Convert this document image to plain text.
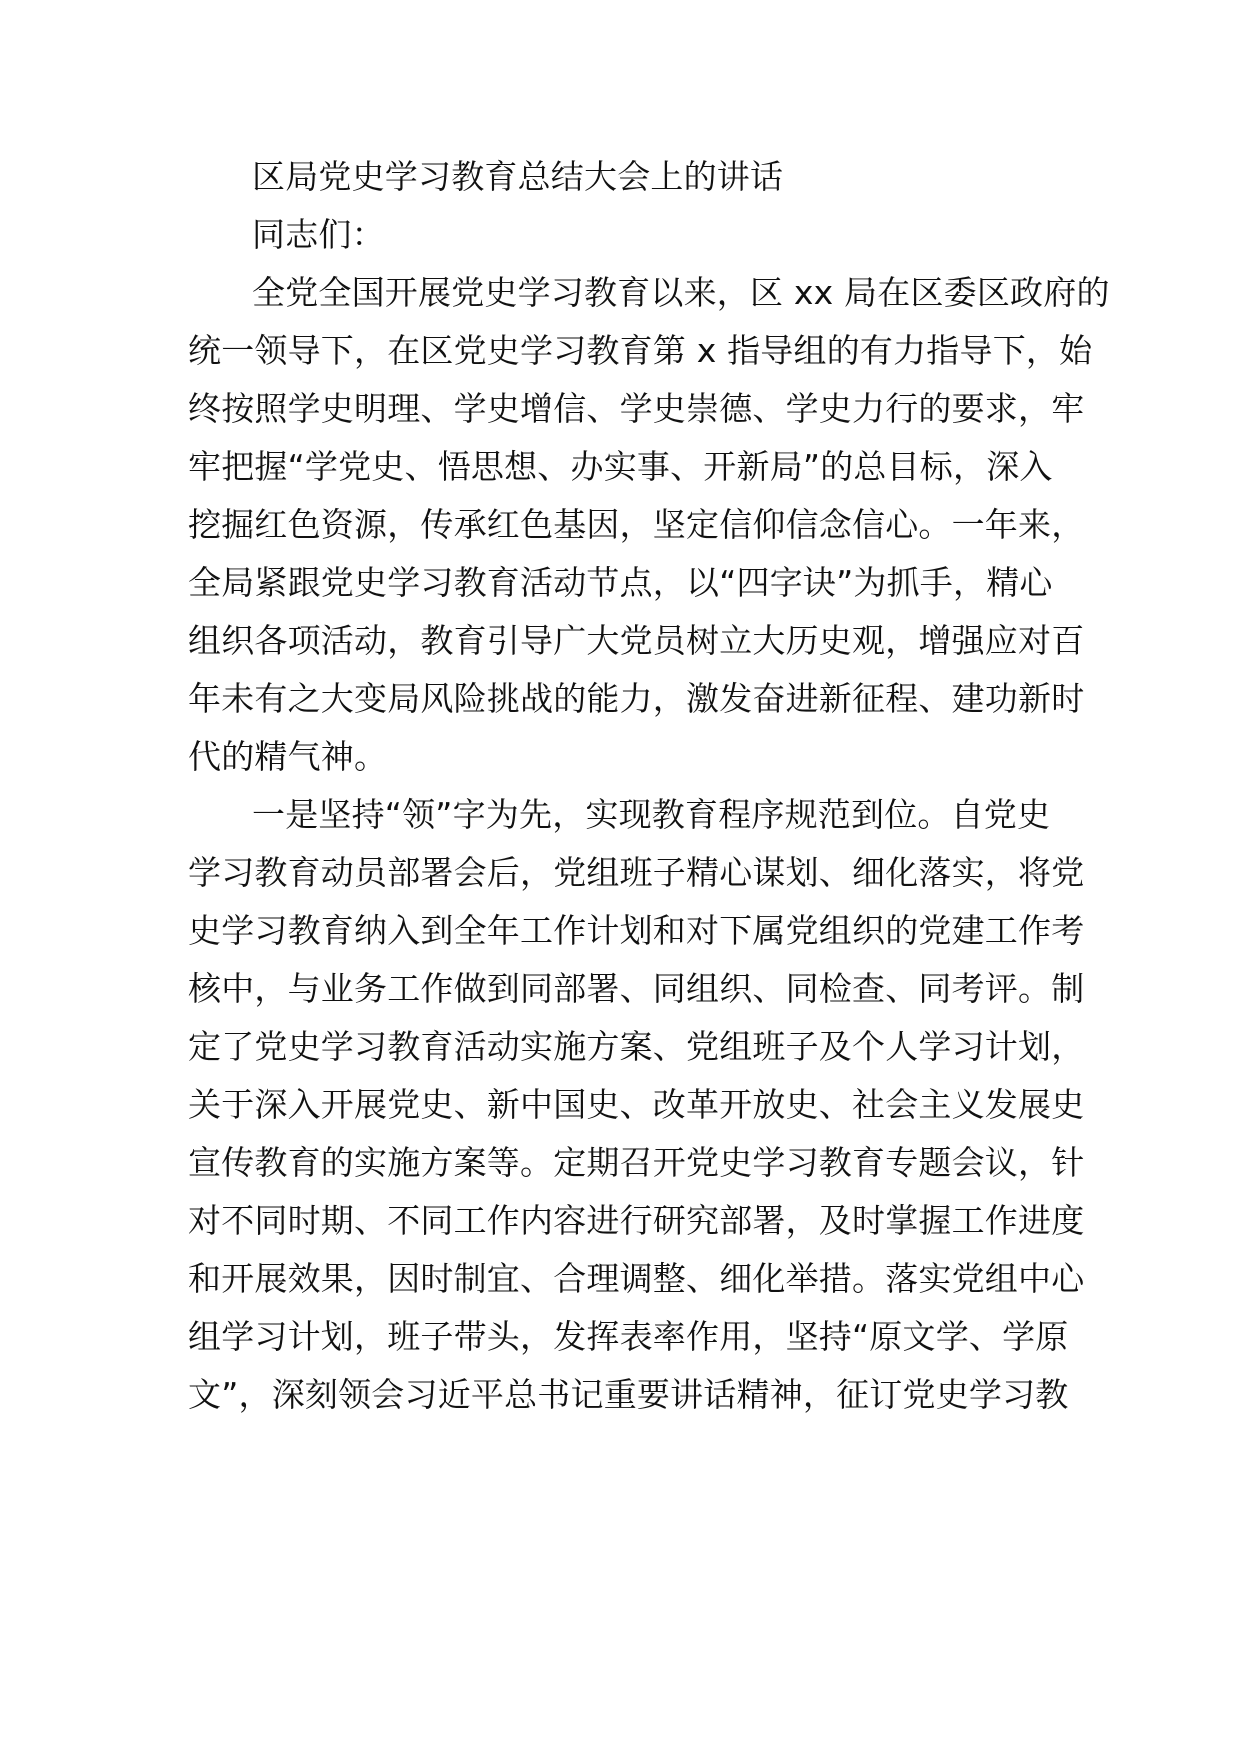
区局党史学习教育总结大会上的讲话
同志们：
全党全国开展党史学习教育以来，区 xx 局在区委区政府的
统一领导下，在区党史学习教育第 x 指导组的有力指导下，始
终按照学史明理、学史增信、学史崇德、学史力行的要求，牢
牢把握“学党史、悟思想、办实事、开新局”的总目标，深入
挖掘红色资源，传承红色基因，坚定信仰信念信心。一年来，
全局紧跟党史学习教育活动节点，以“四字诀”为抓手，精心
组织各项活动，教育引导广大党员树立大历史观，增强应对百
年未有之大变局风险挑战的能力，激发奋进新征程、建功新时
代的精气神。
一是坚持“领”字为先，实现教育程序规范到位。自党史
学习教育动员部署会后，党组班子精心谋划、细化落实，将党
史学习教育纳入到全年工作计划和对下属党组织的党建工作考
核中，与业务工作做到同部署、同组织、同检查、同考评。制
定了党史学习教育活动实施方案、党组班子及个人学习计划，
关于深入开展党史、新中国史、改革开放史、社会主义发展史
宣传教育的实施方案等。定期召开党史学习教育专题会议，针
对不同时期、不同工作内容进行研究部署，及时掌握工作进度
和开展效果，因时制宜、合理调整、细化举措。落实党组中心
组学习计划，班子带头，发挥表率作用，坚持“原文学、学原
文”，深刻领会习近平总书记重要讲话精神，征订党史学习教
